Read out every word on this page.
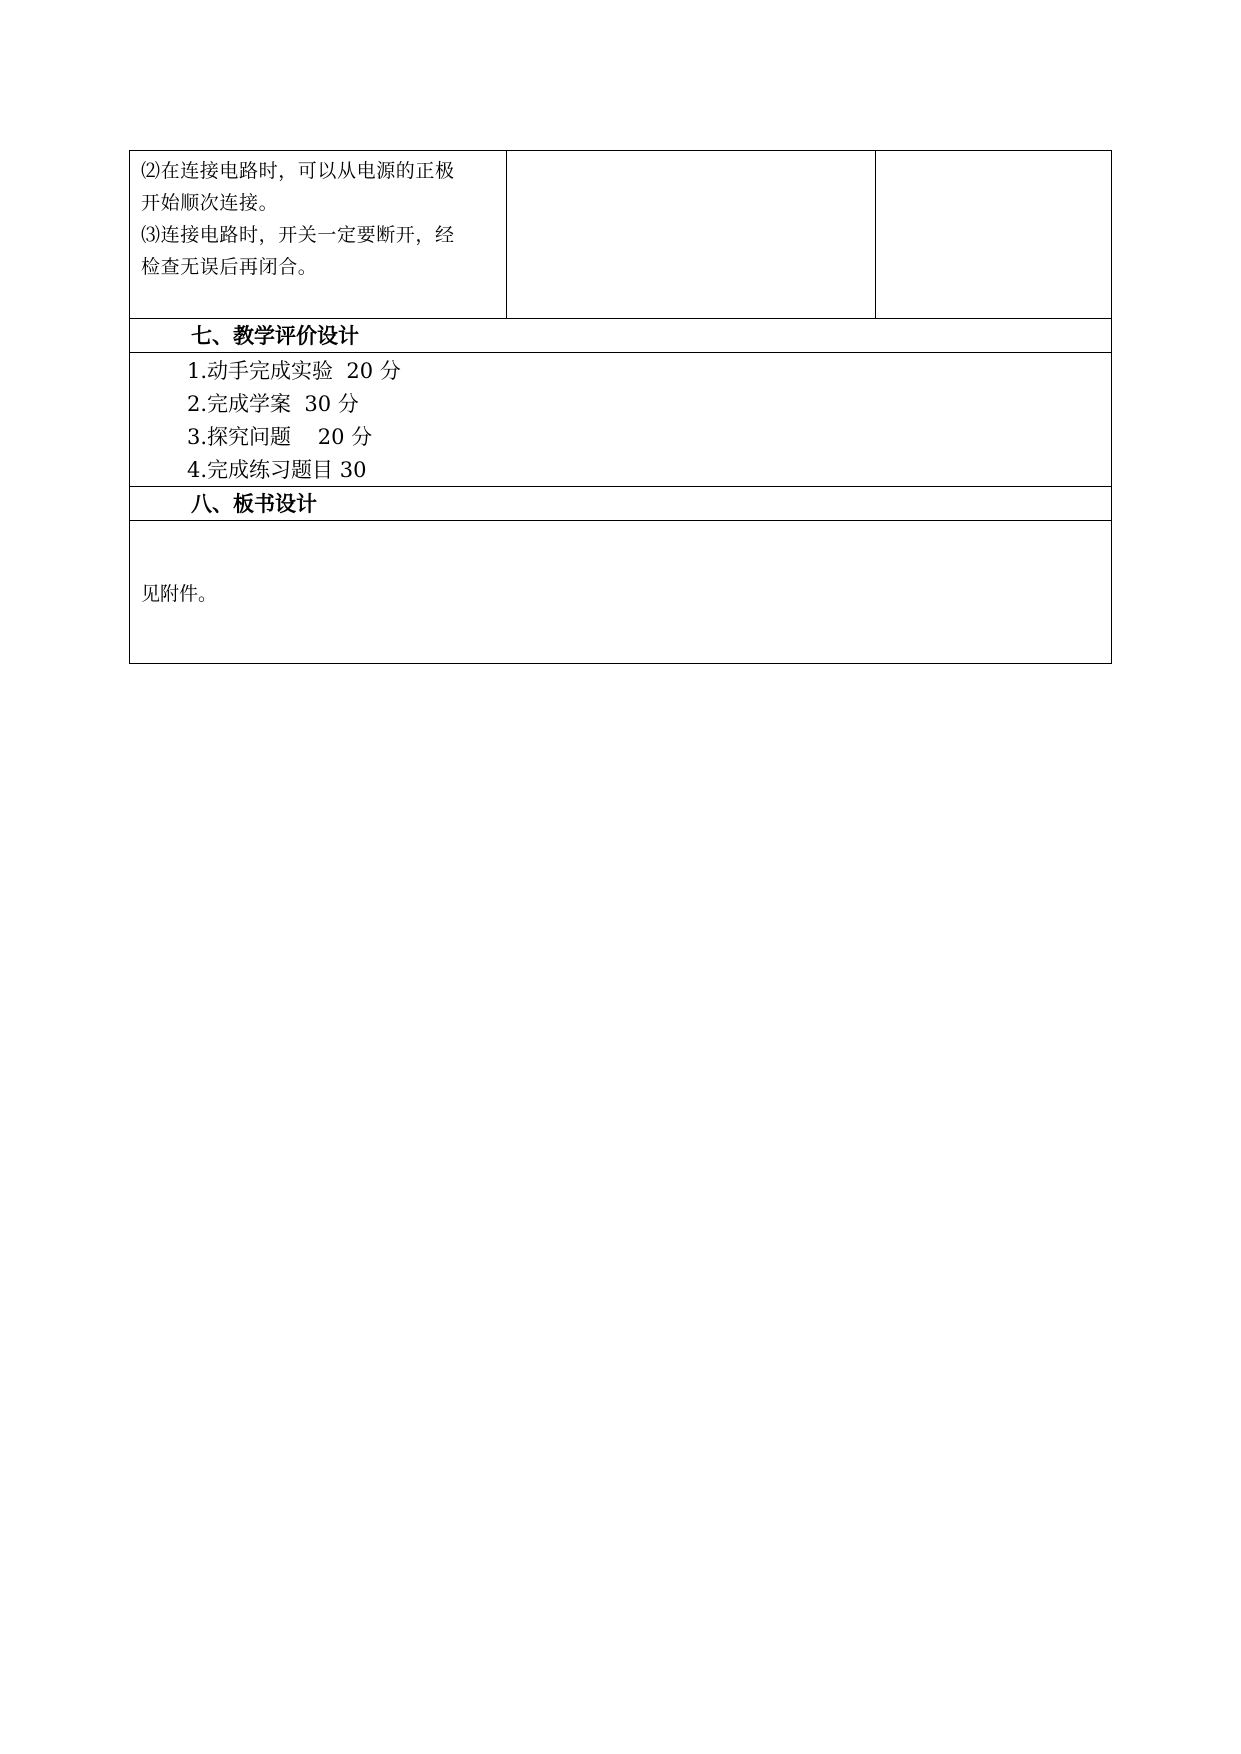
⑵在连接电路时，可以从电源的正极
开始顺次连接。
⑶连接电路时，开关一定要断开，经
检查无误后再闭合。
七、教学评价设计
1.动手完成实验  20 分
2.完成学案  30 分
3.探究问题    20 分
4.完成练习题目 30
八、板书设计
见附件。
